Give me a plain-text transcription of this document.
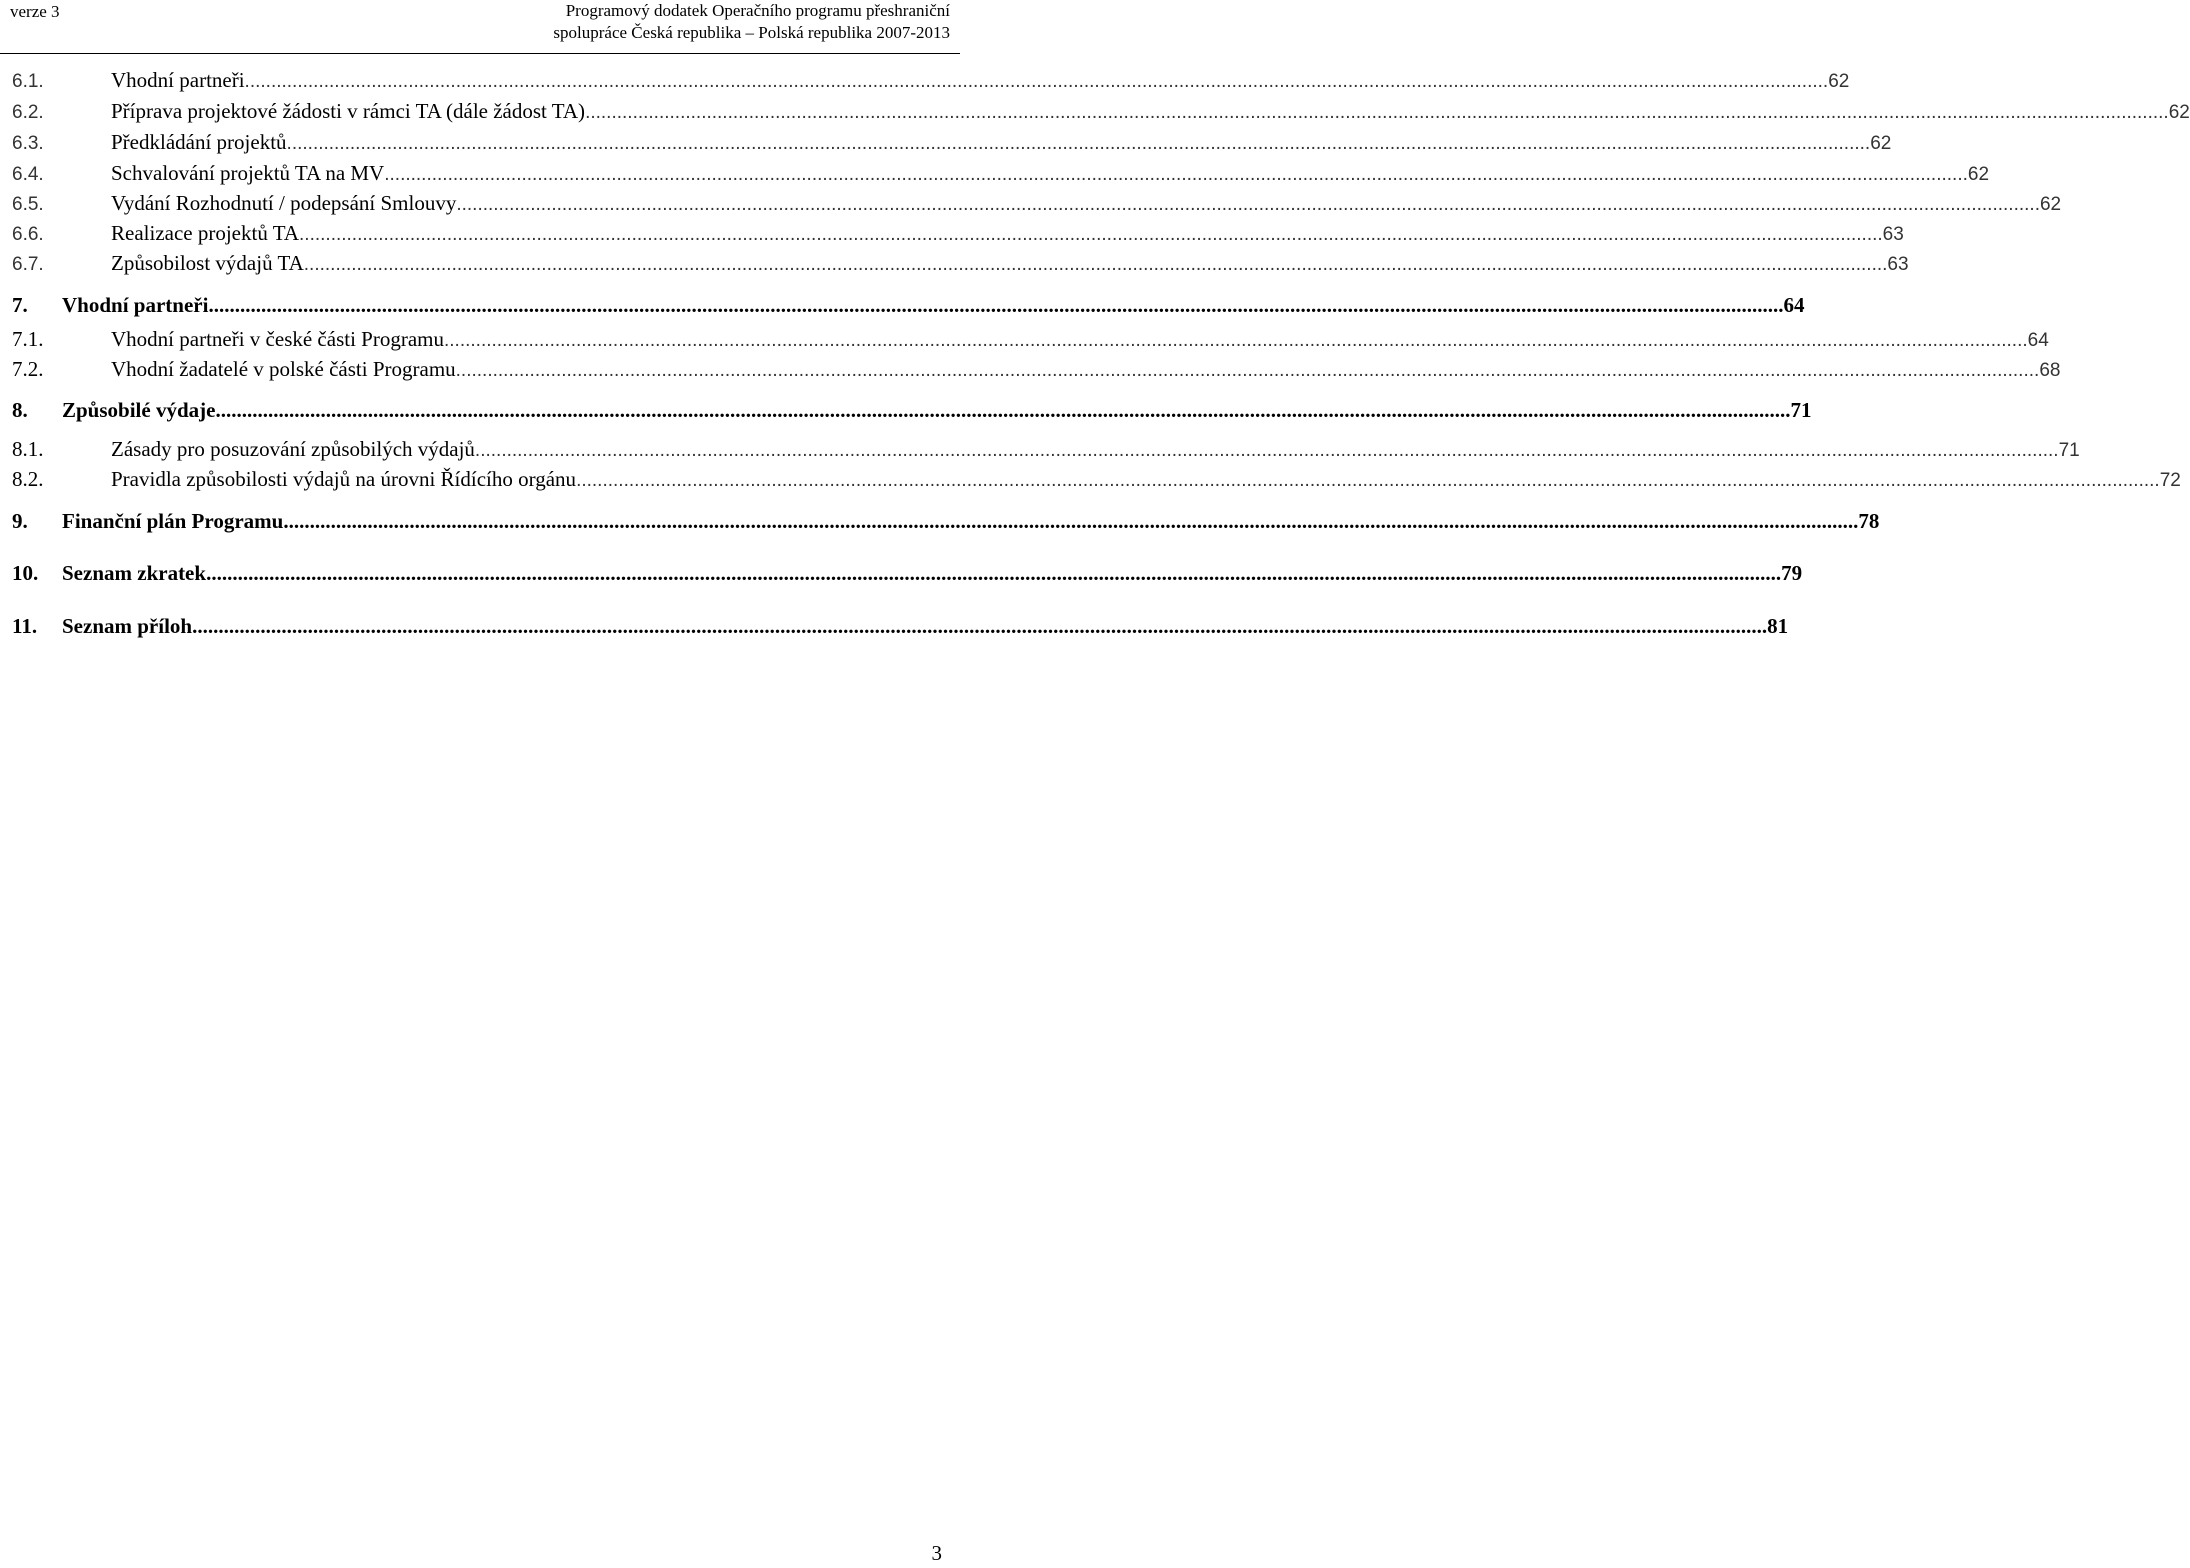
verze 3	Programový dodatek Operačního programu přeshraniční
spolupráce Česká republika – Polská republika 2007-2013
6.1.	Vhodní partneři ............................................................................................................................................................................................................................................................................................................ 62
6.2.	Příprava projektové žádosti v rámci TA (dále žádost TA) ............................................................................................................................................................................................................................................................................................................ 62
6.3.	Předkládání projektů ............................................................................................................................................................................................................................................................................................................ 62
6.4.	Schvalování projektů TA na MV ............................................................................................................................................................................................................................................................................................................ 62
6.5.	Vydání Rozhodnutí / podepsání Smlouvy ............................................................................................................................................................................................................................................................................................................ 62
6.6.	Realizace projektů TA ............................................................................................................................................................................................................................................................................................................ 63
6.7.	Způsobilost výdajů TA ............................................................................................................................................................................................................................................................................................................ 63
7. Vhodní partneři ............................................................................................................................................................................................................................................................................................................ 64
7.1.	Vhodní partneři v české části Programu ............................................................................................................................................................................................................................................................................................................ 64
7.2.	Vhodní žadatelé v polské části Programu ............................................................................................................................................................................................................................................................................................................ 68
8. Způsobilé výdaje ............................................................................................................................................................................................................................................................................................................ 71
8.1.	Zásady pro posuzování způsobilých výdajů ............................................................................................................................................................................................................................................................................................................ 71
8.2.	Pravidla způsobilosti výdajů na úrovni Řídícího orgánu ............................................................................................................................................................................................................................................................................................................ 72
9. Finanční plán Programu ............................................................................................................................................................................................................................................................................................................ 78
10. Seznam zkratek ............................................................................................................................................................................................................................................................................................................ 79
11. Seznam příloh ............................................................................................................................................................................................................................................................................................................ 81
3
